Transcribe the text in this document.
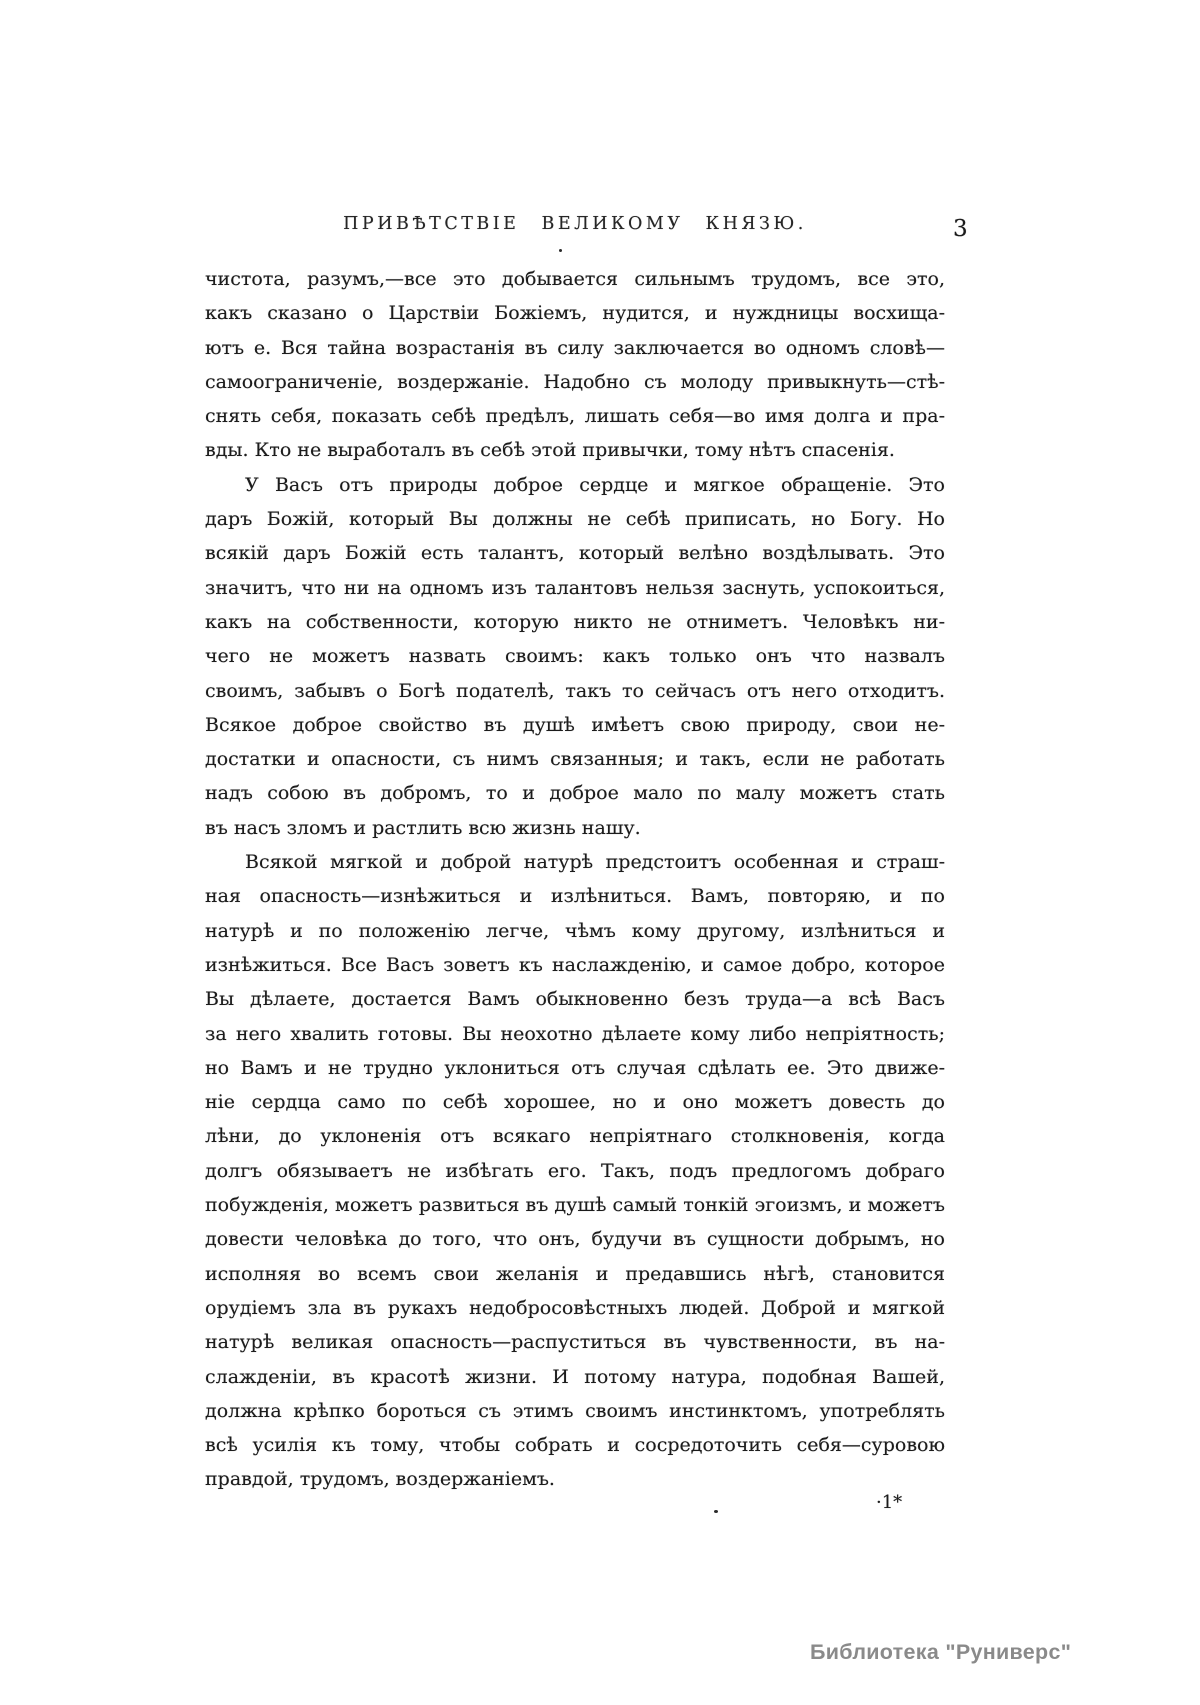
ПРИВѢТСТВІЕ ВЕЛИКОМУ КНЯЗЮ.	3
чистота, разумъ,—все это добывается сильнымъ трудомъ, все это,
какъ сказано о Царствіи Божіемъ, нудится, и нуждницы восхища-
ютъ е. Вся тайна возрастанія въ силу заключается во одномъ словѣ—
самоограниченіе, воздержаніе. Надобно съ молоду привыкнуть—стѣ-
снять себя, показать себѣ предѣлъ, лишать себя—во имя долга и пра-
вды. Кто не выработалъ въ себѣ этой привычки, тому нѣтъ спасенія.
У Васъ отъ природы доброе сердце и мягкое обращеніе. Это
даръ Божій, который Вы должны не себѣ приписать, но Богу. Но
всякій даръ Божій есть талантъ, который велѣно воздѣлывать. Это
значитъ, что ни на одномъ изъ талантовъ нельзя заснуть, успокоиться,
какъ на собственности, которую никто не отниметъ. Человѣкъ ни-
чего не можетъ назвать своимъ: какъ только онъ что назвалъ
своимъ, забывъ о Богѣ подателѣ, такъ то сейчасъ отъ него отходитъ.
Всякое доброе свойство въ душѣ имѣетъ свою природу, свои не-
достатки и опасности, съ нимъ связанныя; и такъ, если не работать
надъ собою въ добромъ, то и доброе мало по малу можетъ стать
въ насъ зломъ и растлить всю жизнь нашу.
Всякой мягкой и доброй натурѣ предстоитъ особенная и страш-
ная опасность—изнѣжиться и излѣниться. Вамъ, повторяю, и по
натурѣ и по положенію легче, чѣмъ кому другому, излѣниться и
изнѣжиться. Все Васъ зоветъ къ наслажденію, и самое добро, которое
Вы дѣлаете, достается Вамъ обыкновенно безъ труда—а всѣ Васъ
за него хвалить готовы. Вы неохотно дѣлаете кому либо непріятность;
но Вамъ и не трудно уклониться отъ случая сдѣлать ее. Это движе-
ніе сердца само по себѣ хорошее, но и оно можетъ довесть до
лѣни, до уклоненія отъ всякаго непріятнаго столкновенія, когда
долгъ обязываетъ не избѣгать его. Такъ, подъ предлогомъ добраго
побужденія, можетъ развиться въ душѣ самый тонкій эгоизмъ, и можетъ
довести человѣка до того, что онъ, будучи въ сущности добрымъ, но
исполняя во всемъ свои желанія и предавшись нѣгѣ, становится
орудіемъ зла въ рукахъ недобросовѣстныхъ людей. Доброй и мягкой
натурѣ великая опасность—распуститься въ чувственности, въ на-
слажденіи, въ красотѣ жизни. И потому натура, подобная Вашей,
должна крѣпко бороться съ этимъ своимъ инстинктомъ, употреблять
всѣ усилія къ тому, чтобы собрать и сосредоточить себя—суровою
правдой, трудомъ, воздержаніемъ.
·1*
Библиотека "Руниверс"
